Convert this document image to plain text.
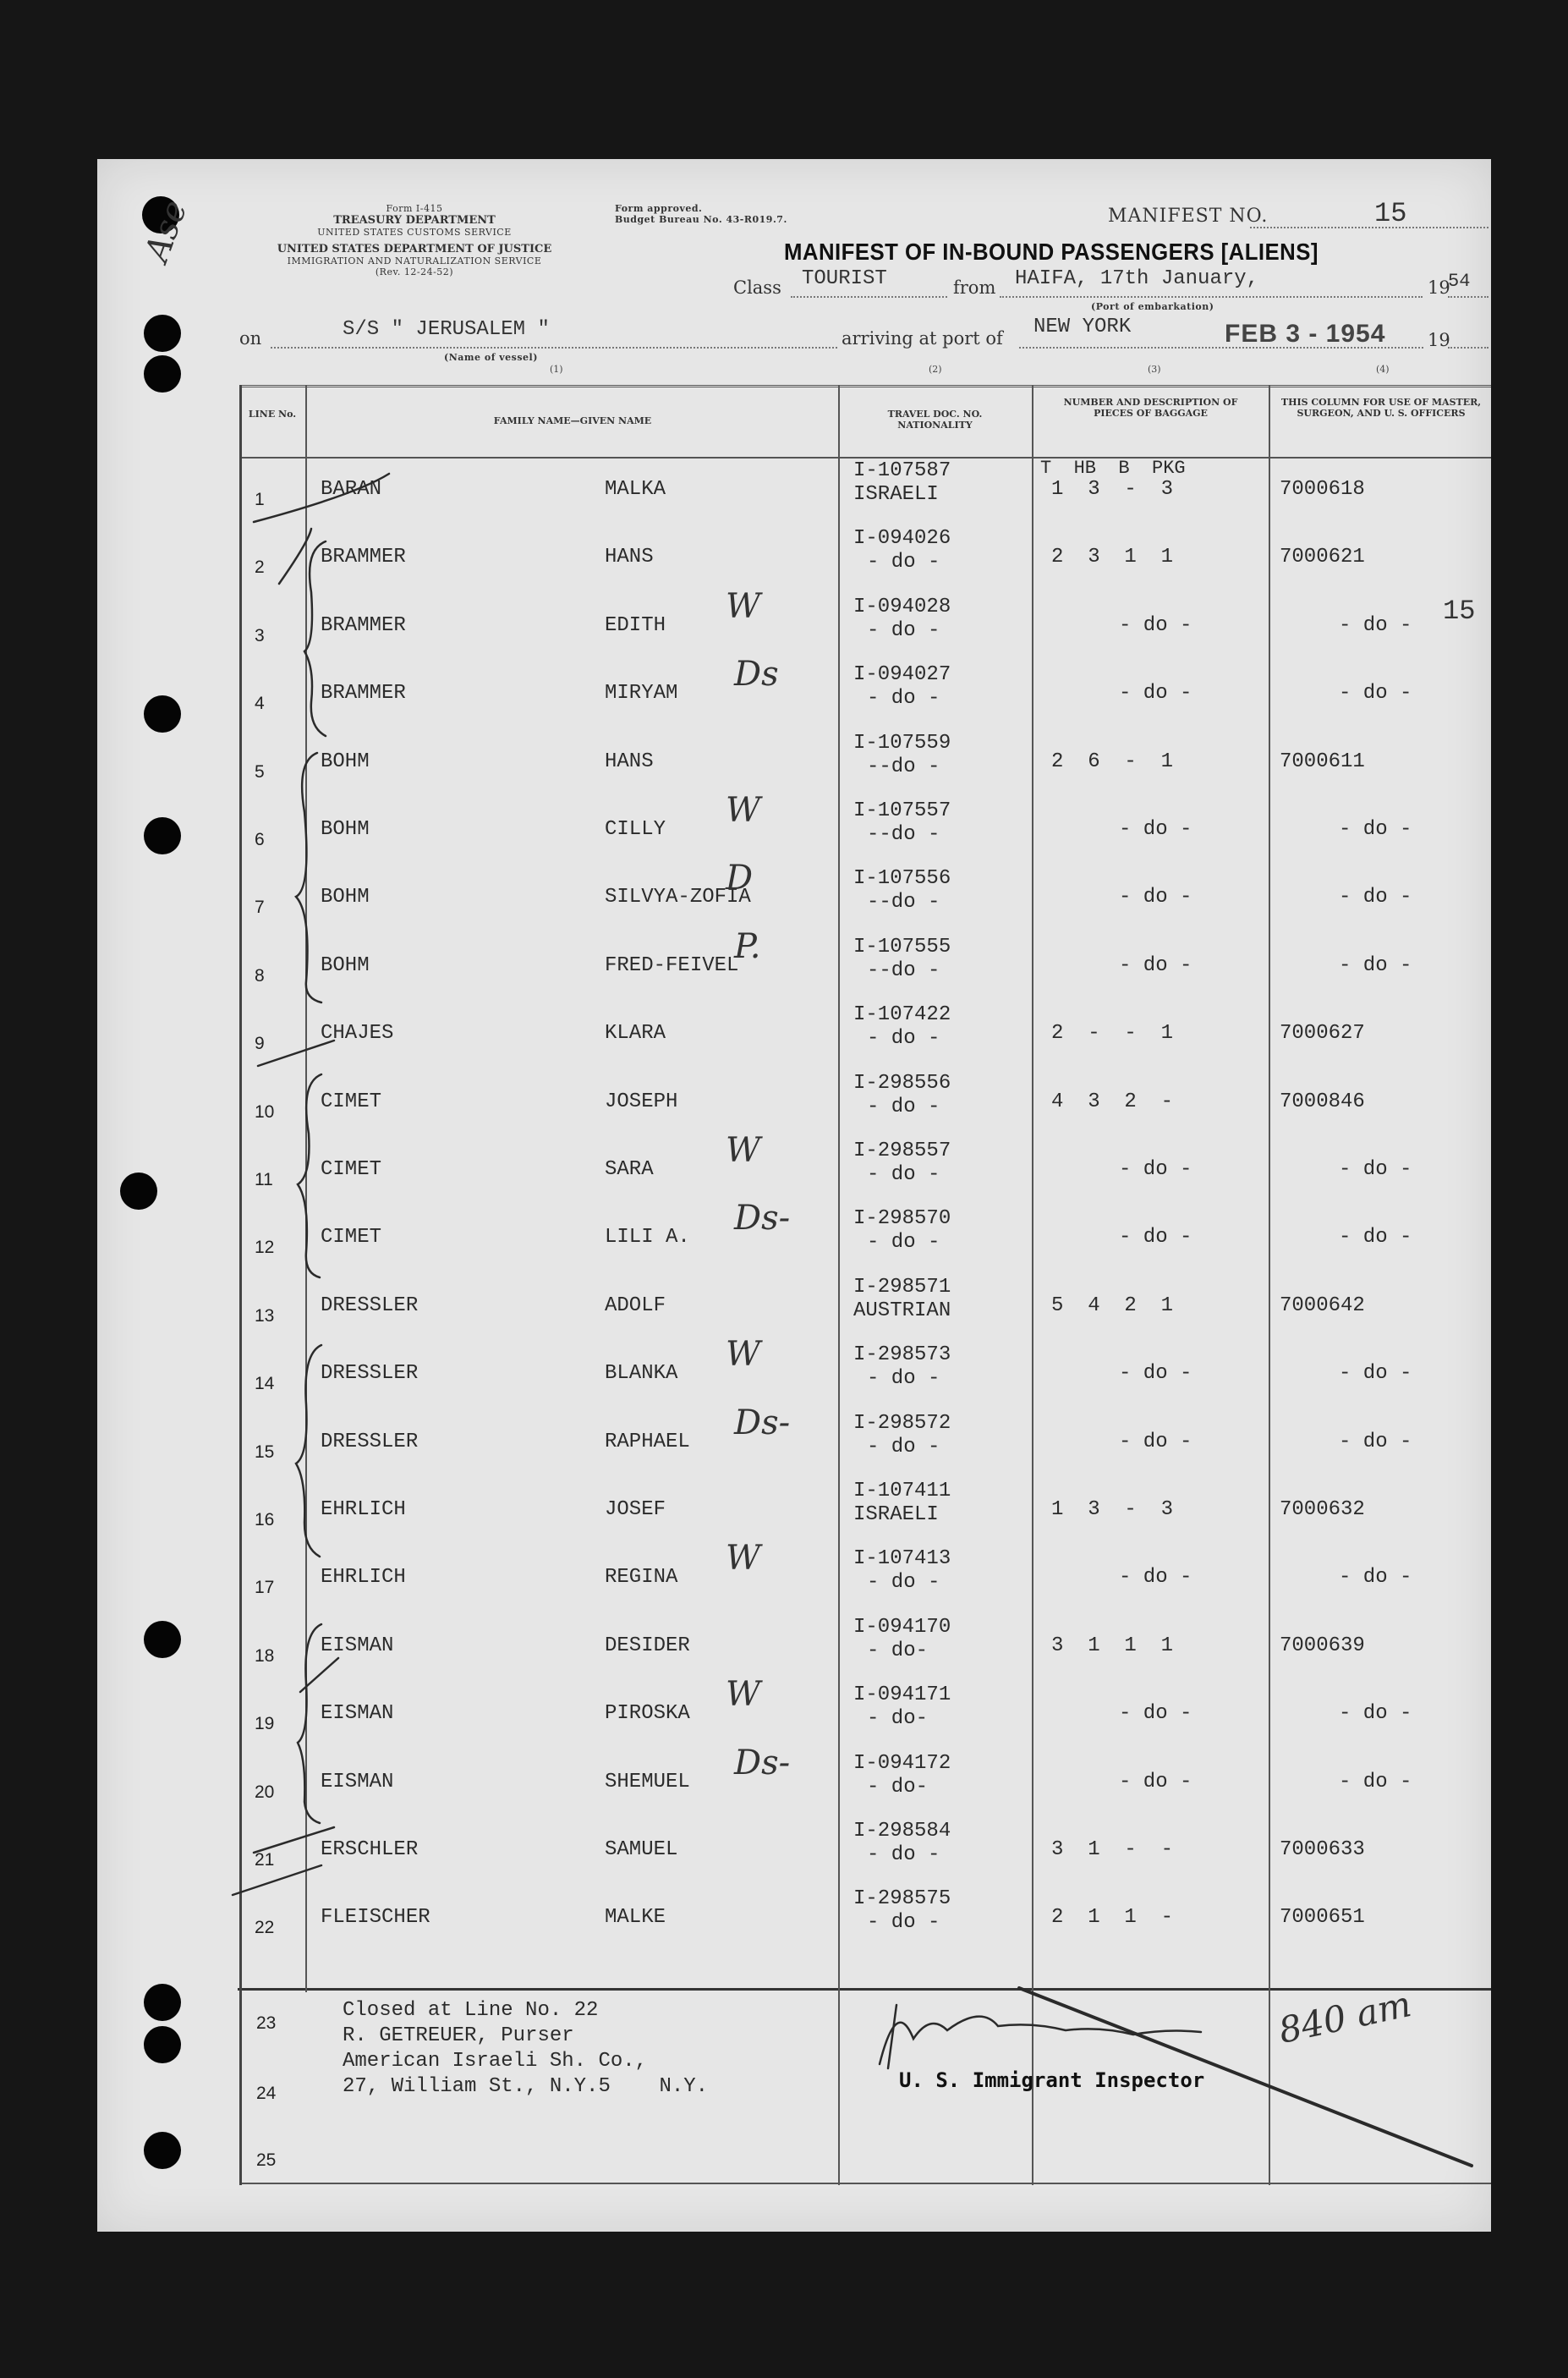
Ase	Form I-415
TREASURY DEPARTMENT
UNITED STATES CUSTOMS SERVICE
UNITED STATES DEPARTMENT OF JUSTICE
IMMIGRATION AND NATURALIZATION SERVICE
(Rev. 12-24-52)
Form approved.
Budget Bureau No. 43-R019.7.	MANIFEST NO.	15
MANIFEST OF IN-BOUND PASSENGERS [ALIENS]
Class TOURIST	from HAIFA, 17th January,	19
54
(Port of embarkation)
on	S/S " JERUSALEM "
(Name of vessel)
(1)
arriving at port of NEW YORK	FEB 3 - 1954 19
(2)	(3)	(4)
LINE No.
FAMILY NAME—GIVEN NAME
TRAVEL DOC. NO. NATIONALITY
NUMBER AND DESCRIPTION OF PIECES OF BAGGAGE
THIS COLUMN FOR USE OF MASTER, SURGEON, AND U. S. OFFICERS
T  HB  B  PKG
1	BARAN	MALKA
I-107587
ISRAELI	1  3  -  3	7000618
2	BRAMMER	HANS
I-094026
- do -	2  3  1  1	7000621
3	BRAMMER	EDITH
I-094028
- do -	- do -	- do -
4	BRAMMER	MIRYAM
I-094027
- do -	- do -	- do -
5	BOHM	HANS
I-107559
--do -	2  6  -  1	7000611
6	BOHM	CILLY
I-107557
--do -	- do -	- do -
7	BOHM	SILVYA-ZOFIA
I-107556
--do -	- do -	- do -
8	BOHM	FRED-FEIVEL
I-107555
--do -	- do -	- do -
9	CHAJES	KLARA
I-107422
- do -	2  -  -  1	7000627
10 CIMET	JOSEPH
I-298556
- do -	4  3  2  -	7000846
11 CIMET	SARA
I-298557
- do -	- do -	- do -
12 CIMET	LILI A.
I-298570
- do -	- do -	- do -
13 DRESSLER	ADOLF
I-298571
AUSTRIAN	5  4  2  1	7000642
14 DRESSLER	BLANKA
I-298573
- do -	- do -	- do -
15 DRESSLER	RAPHAEL
I-298572
- do -	- do -	- do -
16 EHRLICH	JOSEF
I-107411
ISRAELI	1  3  -  3	7000632
17 EHRLICH	REGINA
I-107413
- do -	- do -	- do -
18 EISMAN	DESIDER
I-094170
- do-	3  1  1  1	7000639
19 EISMAN	PIROSKA
I-094171
- do-	- do -	- do -
20 EISMAN	SHEMUEL
I-094172
- do-	- do -	- do -
21 ERSCHLER	SAMUEL
I-298584
- do -	3  1  -  -	7000633
22 FLEISCHER	MALKE
I-298575
- do -	2  1  1  -	7000651
23
24
25
Closed at Line No. 22
R. GETREUER, Purser
American Israeli Sh. Co.,
27, William St., N.Y.5    N.Y.	U. S. Immigrant Inspector
840 am
15
W
Ds
W
D
P.
W
Ds-
W
Ds-
W
W
Ds-
